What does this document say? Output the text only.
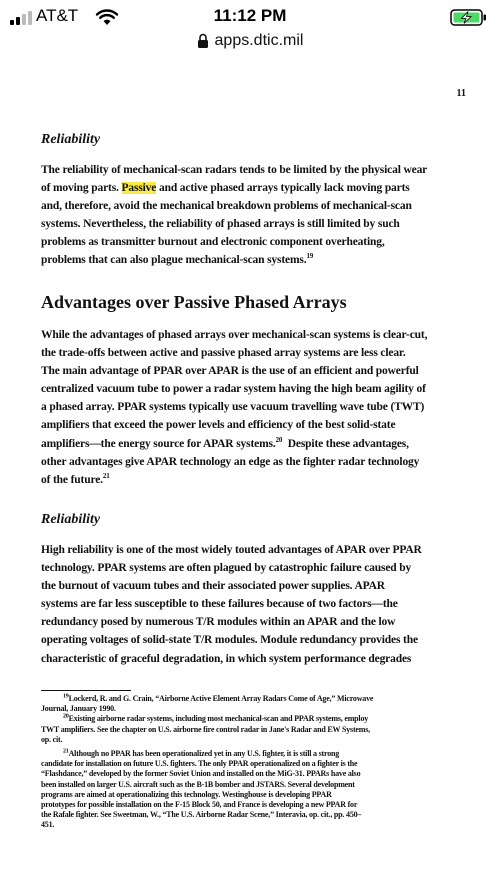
AT&T	11:12 PM
apps.dtic.mil
11
Reliability
The reliability of mechanical-scan radars tends to be limited by the physical wear
of moving parts. Passive and active phased arrays typically lack moving parts
and, therefore, avoid the mechanical breakdown problems of mechanical-scan
systems. Nevertheless, the reliability of phased arrays is still limited by such
problems as transmitter burnout and electronic component overheating,
problems that can also plague mechanical-scan systems.$^{19}$
Advantages over Passive Phased Arrays
While the advantages of phased arrays over mechanical-scan systems is clear-cut,
the trade-offs between active and passive phased array systems are less clear.
The main advantage of PPAR over APAR is the use of an efficient and powerful
centralized vacuum tube to power a radar system having the high beam agility of
a phased array. PPAR systems typically use vacuum travelling wave tube (TWT)
amplifiers that exceed the power levels and efficiency of the best solid-state
amplifiers—the energy source for APAR systems.$^{20}$  Despite these advantages,
other advantages give APAR technology an edge as the fighter radar technology
of the future.$^{21}$
Reliability
High reliability is one of the most widely touted advantages of APAR over PPAR
technology. PPAR systems are often plagued by catastrophic failure caused by
the burnout of vacuum tubes and their associated power supplies. APAR
systems are far less susceptible to these failures because of two factors—the
redundancy posed by numerous T/R modules within an APAR and the low
operating voltages of solid-state T/R modules. Module redundancy provides the
characteristic of graceful degradation, in which system performance degrades
$^{19}$Lockerd, R. and G. Crain, “Airborne Active Element Array Radars Come of Age,” Microwave
Journal, January 1990.
$^{20}$Existing airborne radar systems, including most mechanical-scan and PPAR systems, employ
TWT amplifiers. See the chapter on U.S. airborne fire control radar in Jane's Radar and EW Systems,
op. cit.
$^{21}$Although no PPAR has been operationalized yet in any U.S. fighter, it is still a strong
candidate for installation on future U.S. fighters. The only PPAR operationalized on a fighter is the
“Flashdance,” developed by the former Soviet Union and installed on the MiG-31. PPARs have also
been installed on larger U.S. aircraft such as the B-1B bomber and JSTARS. Several development
programs are aimed at operationalizing this technology. Westinghouse is developing PPAR
prototypes for possible installation on the F-15 Block 50, and France is developing a new PPAR for
the Rafale fighter. See Sweetman, W., “The U.S. Airborne Radar Scene,” Interavia, op. cit., pp. 450–
451.
